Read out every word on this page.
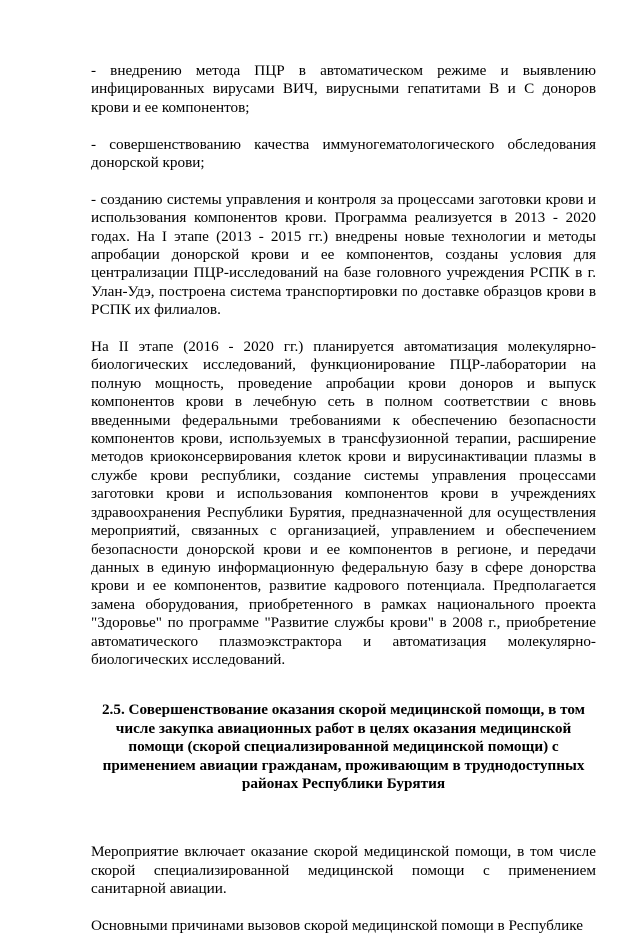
- внедрению метода ПЦР в автоматическом режиме и выявлению инфицированных вирусами ВИЧ, вирусными гепатитами В и С доноров крови и ее компонентов;

- совершенствованию качества иммуногематологического обследования донорской крови;

- созданию системы управления и контроля за процессами заготовки крови и использования компонентов крови. Программа реализуется в 2013 - 2020 годах. На I этапе (2013 - 2015 гг.) внедрены новые технологии и методы апробации донорской крови и ее компонентов, созданы условия для централизации ПЦР-исследований на базе головного учреждения РСПК в г. Улан-Удэ, построена система транспортировки по доставке образцов крови в РСПК их филиалов.

На II этапе (2016 - 2020 гг.) планируется автоматизация молекулярно-биологических исследований, функционирование ПЦР-лаборатории на полную мощность, проведение апробации крови доноров и выпуск компонентов крови в лечебную сеть в полном соответствии с вновь введенными федеральными требованиями к обеспечению безопасности компонентов крови, используемых в трансфузионной терапии, расширение методов криоконсервирования клеток крови и вирусинактивации плазмы в службе крови республики, создание системы управления процессами заготовки крови и использования компонентов крови в учреждениях здравоохранения Республики Бурятия, предназначенной для осуществления мероприятий, связанных с организацией, управлением и обеспечением безопасности донорской крови и ее компонентов в регионе, и передачи данных в единую информационную федеральную базу в сфере донорства крови и ее компонентов, развитие кадрового потенциала. Предполагается замена оборудования, приобретенного в рамках национального проекта "Здоровье" по программе "Развитие службы крови" в 2008 г., приобретение автоматического плазмоэкстрактора и автоматизация молекулярно-биологических исследований.

2.5. Совершенствование оказания скорой медицинской помощи, в том числе закупка авиационных работ в целях оказания медицинской помощи (скорой специализированной медицинской помощи) с применением авиации гражданам, проживающим в труднодоступных районах Республики Бурятия

Мероприятие включает оказание скорой медицинской помощи, в том числе скорой специализированной медицинской помощи с применением санитарной авиации.

Основными причинами вызовов скорой медицинской помощи в Республике
